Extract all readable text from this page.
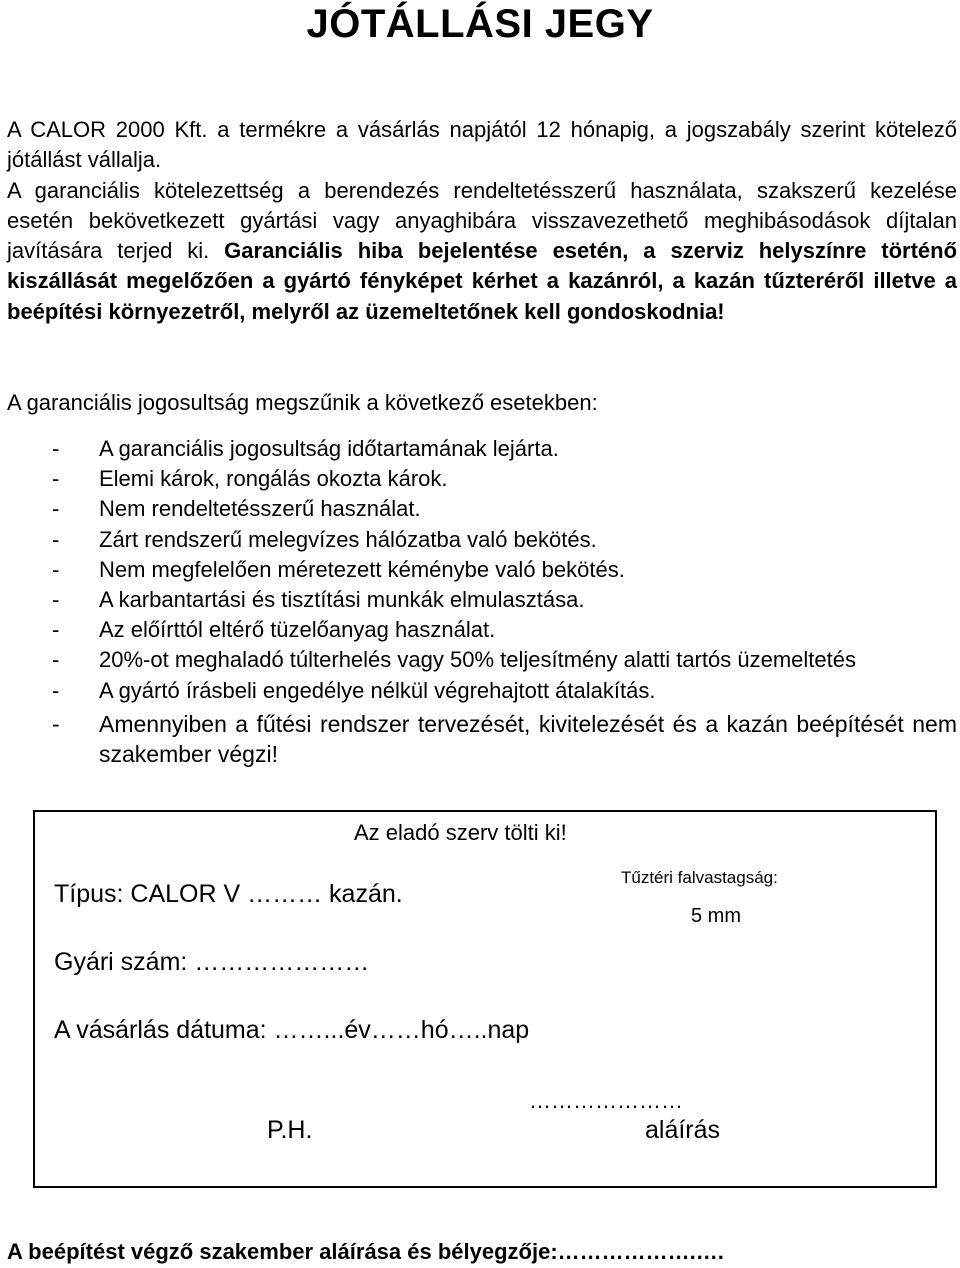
JÓTÁLLÁSI JEGY

A CALOR 2000 Kft. a termékre a vásárlás napjától 12 hónapig, a jogszabály szerint kötelező jótállást vállalja.
A garanciális kötelezettség a berendezés rendeltetésszerű használata, szakszerű kezelése esetén bekövetkezett gyártási vagy anyaghibára visszavezethető meghibásodások díjtalan javítására terjed ki. Garanciális hiba bejelentése esetén, a szerviz helyszínre történő kiszállását megelőzően a gyártó fényképet kérhet a kazánról, a kazán tűzteréről illetve a beépítési környezetről, melyről az üzemeltetőnek kell gondoskodnia!

A garanciális jogosultság megszűnik a következő esetekben:

- A garanciális jogosultság időtartamának lejárta.
- Elemi károk, rongálás okozta károk.
- Nem rendeltetésszerű használat.
- Zárt rendszerű melegvízes hálózatba való bekötés.
- Nem megfelelően méretezett kéménybe való bekötés.
- A karbantartási és tisztítási munkák elmulasztása.
- Az előírttól eltérő tüzelőanyag használat.
- 20%-ot meghaladó túlterhelés vagy 50% teljesítmény alatti tartós üzemeltetés
- A gyártó írásbeli engedélye nélkül végrehajtott átalakítás.
- Amennyiben a fűtési rendszer tervezését, kivitelezését és a kazán beépítését nem szakember végzi!
Az eladó szerv tölti ki!
Típus: CALOR V ……… kazán.
Tűztéri falvastagság:
5 mm
Gyári szám: …………………
A vásárlás dátuma: ……...év……hó…..nap
P.H.
…………………
aláírás

A beépítést végző szakember aláírása és bélyegzője:……………….….
